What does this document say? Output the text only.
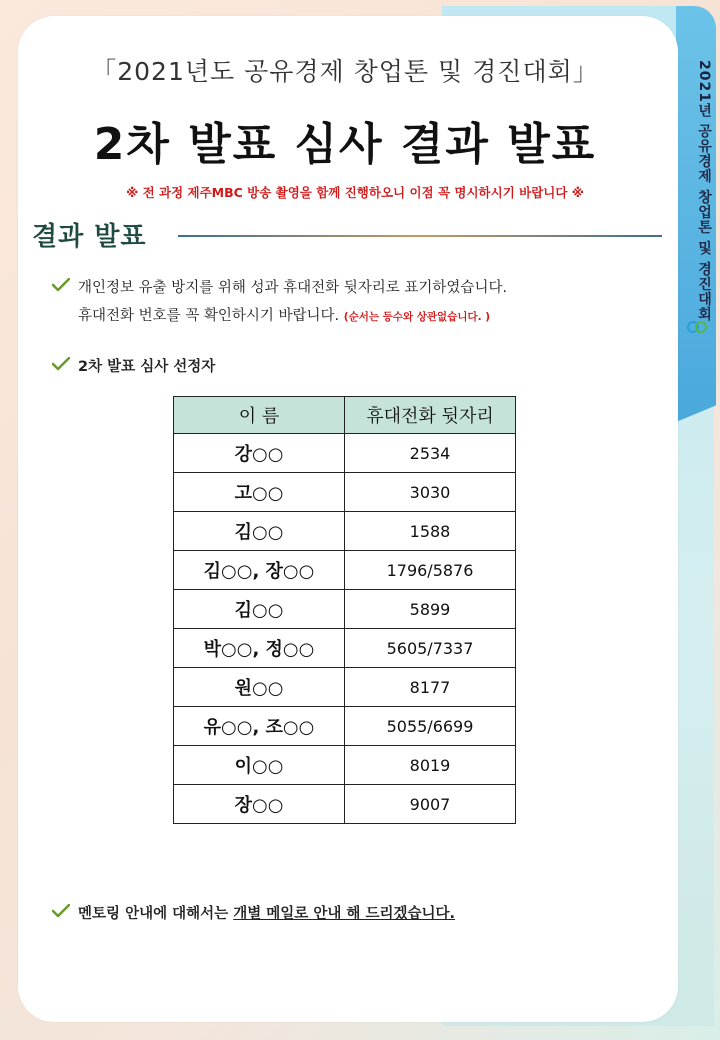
2021년 공유경제 창업톤 및 경진대회
「2021년도 공유경제 창업톤 및 경진대회」
2차 발표 심사 결과 발표
※ 전 과정 제주MBC 방송 촬영을 함께 진행하오니 이점 꼭 명시하시기 바랍니다 ※
결과 발표
개인정보 유출 방지를 위해 성과 휴대전화 뒷자리로 표기하였습니다.
휴대전화 번호를 꼭 확인하시기 바랍니다. (순서는 등수와 상관없습니다. )
2차 발표 심사 선정자
이 름	휴대전화 뒷자리
강○○	2534
고○○	3030
김○○	1588
김○○, 장○○	1796/5876
김○○	5899
박○○, 정○○	5605/7337
원○○	8177
유○○, 조○○	5055/6699
이○○	8019
장○○	9007
멘토링 안내에 대해서는 개별 메일로 안내 해 드리겠습니다.
